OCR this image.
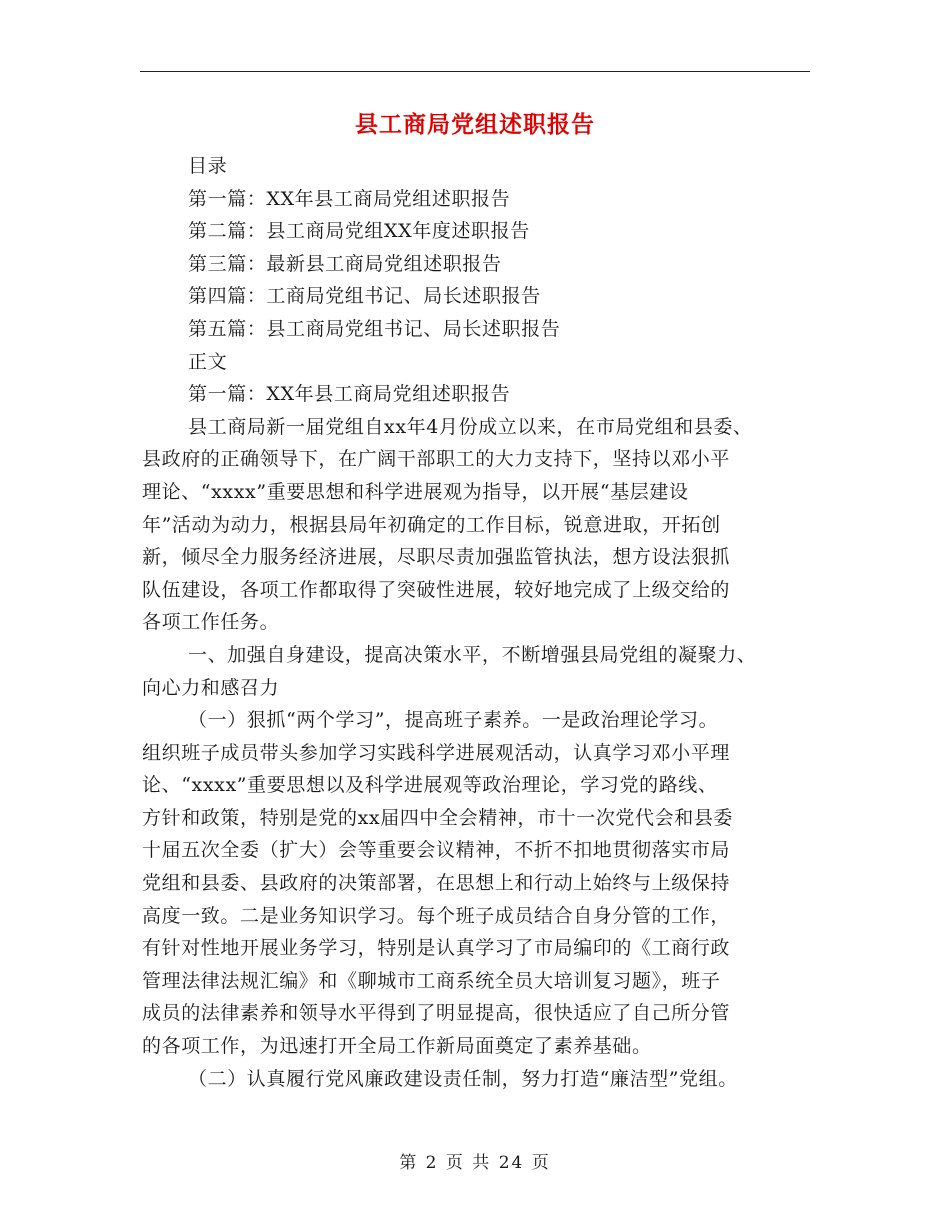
县工商局党组述职报告
目录
第一篇：XX年县工商局党组述职报告
第二篇：县工商局党组XX年度述职报告
第三篇：最新县工商局党组述职报告
第四篇：工商局党组书记、局长述职报告
第五篇：县工商局党组书记、局长述职报告
正文
第一篇：XX年县工商局党组述职报告
县工商局新一届党组自xx年4月份成立以来，在市局党组和县委、
县政府的正确领导下，在广阔干部职工的大力支持下，坚持以邓小平
理论、“xxxx”重要思想和科学进展观为指导，以开展“基层建设
年”活动为动力，根据县局年初确定的工作目标，锐意进取，开拓创
新，倾尽全力服务经济进展，尽职尽责加强监管执法，想方设法狠抓
队伍建设，各项工作都取得了突破性进展，较好地完成了上级交给的
各项工作任务。
一、加强自身建设，提高决策水平，不断增强县局党组的凝聚力、
向心力和感召力
（一）狠抓“两个学习”，提高班子素养。一是政治理论学习。
组织班子成员带头参加学习实践科学进展观活动，认真学习邓小平理
论、“xxxx”重要思想以及科学进展观等政治理论，学习党的路线、
方针和政策，特别是党的xx届四中全会精神，市十一次党代会和县委
十届五次全委（扩大）会等重要会议精神，不折不扣地贯彻落实市局
党组和县委、县政府的决策部署，在思想上和行动上始终与上级保持
高度一致。二是业务知识学习。每个班子成员结合自身分管的工作，
有针对性地开展业务学习，特别是认真学习了市局编印的《工商行政
管理法律法规汇编》和《聊城市工商系统全员大培训复习题》，班子
成员的法律素养和领导水平得到了明显提高，很快适应了自己所分管
的各项工作，为迅速打开全局工作新局面奠定了素养基础。
（二）认真履行党风廉政建设责任制，努力打造“廉洁型”党组。
第 2 页 共 24 页
